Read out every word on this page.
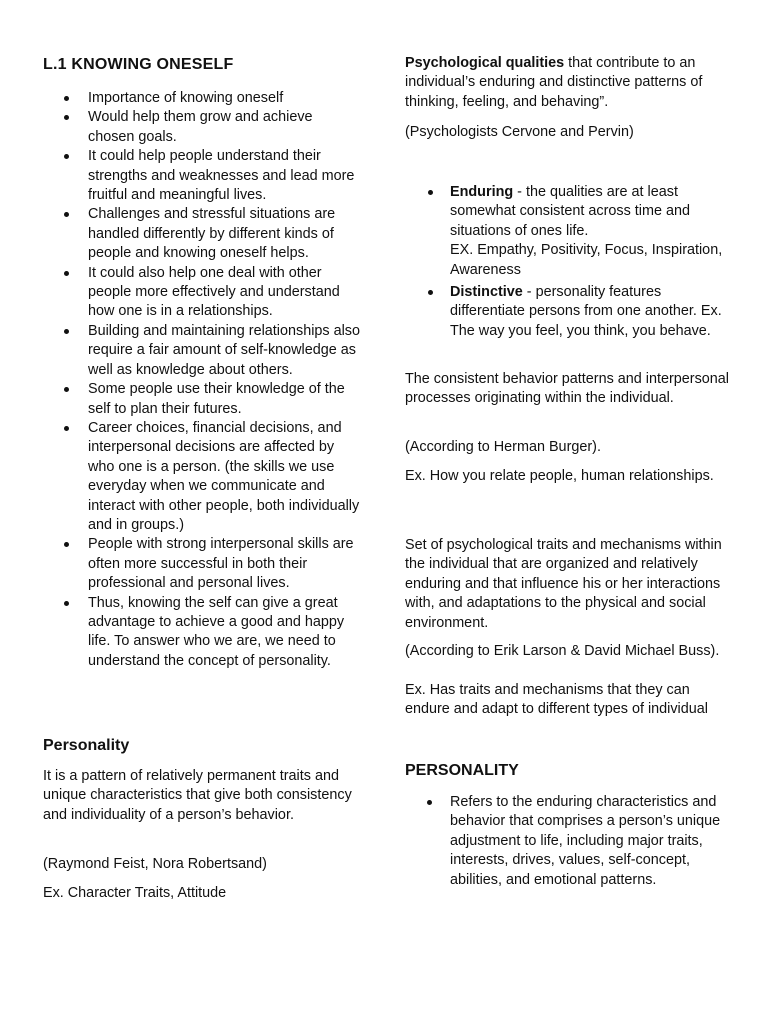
L.1 KNOWING ONESELF
Importance of knowing oneself
Would help them grow and achieve chosen goals.
It could help people understand their strengths and weaknesses and lead more fruitful and meaningful lives.
Challenges and stressful situations are handled differently by different kinds of people and knowing oneself helps.
It could also help one deal with other people more effectively and understand how one is in a relationships.
Building and maintaining relationships also require a fair amount of self-knowledge as well as knowledge about others.
Some people use their knowledge of the self to plan their futures.
Career choices, financial decisions, and interpersonal decisions are affected by who one is a person. (the skills we use everyday when we communicate and interact with other people, both individually and in groups.)
People with strong interpersonal skills are often more successful in both their professional and personal lives.
Thus, knowing the self can give a great advantage to achieve a good and happy life. To answer who we are, we need to understand the concept of personality.
Personality

It is a pattern of relatively permanent traits and unique characteristics that give both consistency and individuality of a person’s behavior.

(Raymond Feist, Nora Robertsand)

Ex. Character Traits, Attitude

Psychological qualities that contribute to an individual’s enduring and distinctive patterns of thinking, feeling, and behaving”.

(Psychologists Cervone and Pervin)

Enduring - the qualities are at least somewhat consistent across time and situations of ones life.
EX. Empathy, Positivity, Focus, Inspiration, Awareness
Distinctive - personality features differentiate persons from one another. Ex. The way you feel, you think, you behave.

The consistent behavior patterns and interpersonal processes originating within the individual.

(According to Herman Burger).

Ex. How you relate people, human relationships.

Set of psychological traits and mechanisms within the individual that are organized and relatively enduring and that influence his or her interactions with, and adaptations to the physical and social environment.

(According to Erik Larson & David Michael Buss).

Ex. Has traits and mechanisms that they can endure and adapt to different types of individual

PERSONALITY
Refers to the enduring characteristics and behavior that comprises a person’s unique adjustment to life, including major traits, interests, drives, values, self-concept, abilities, and emotional patterns.
